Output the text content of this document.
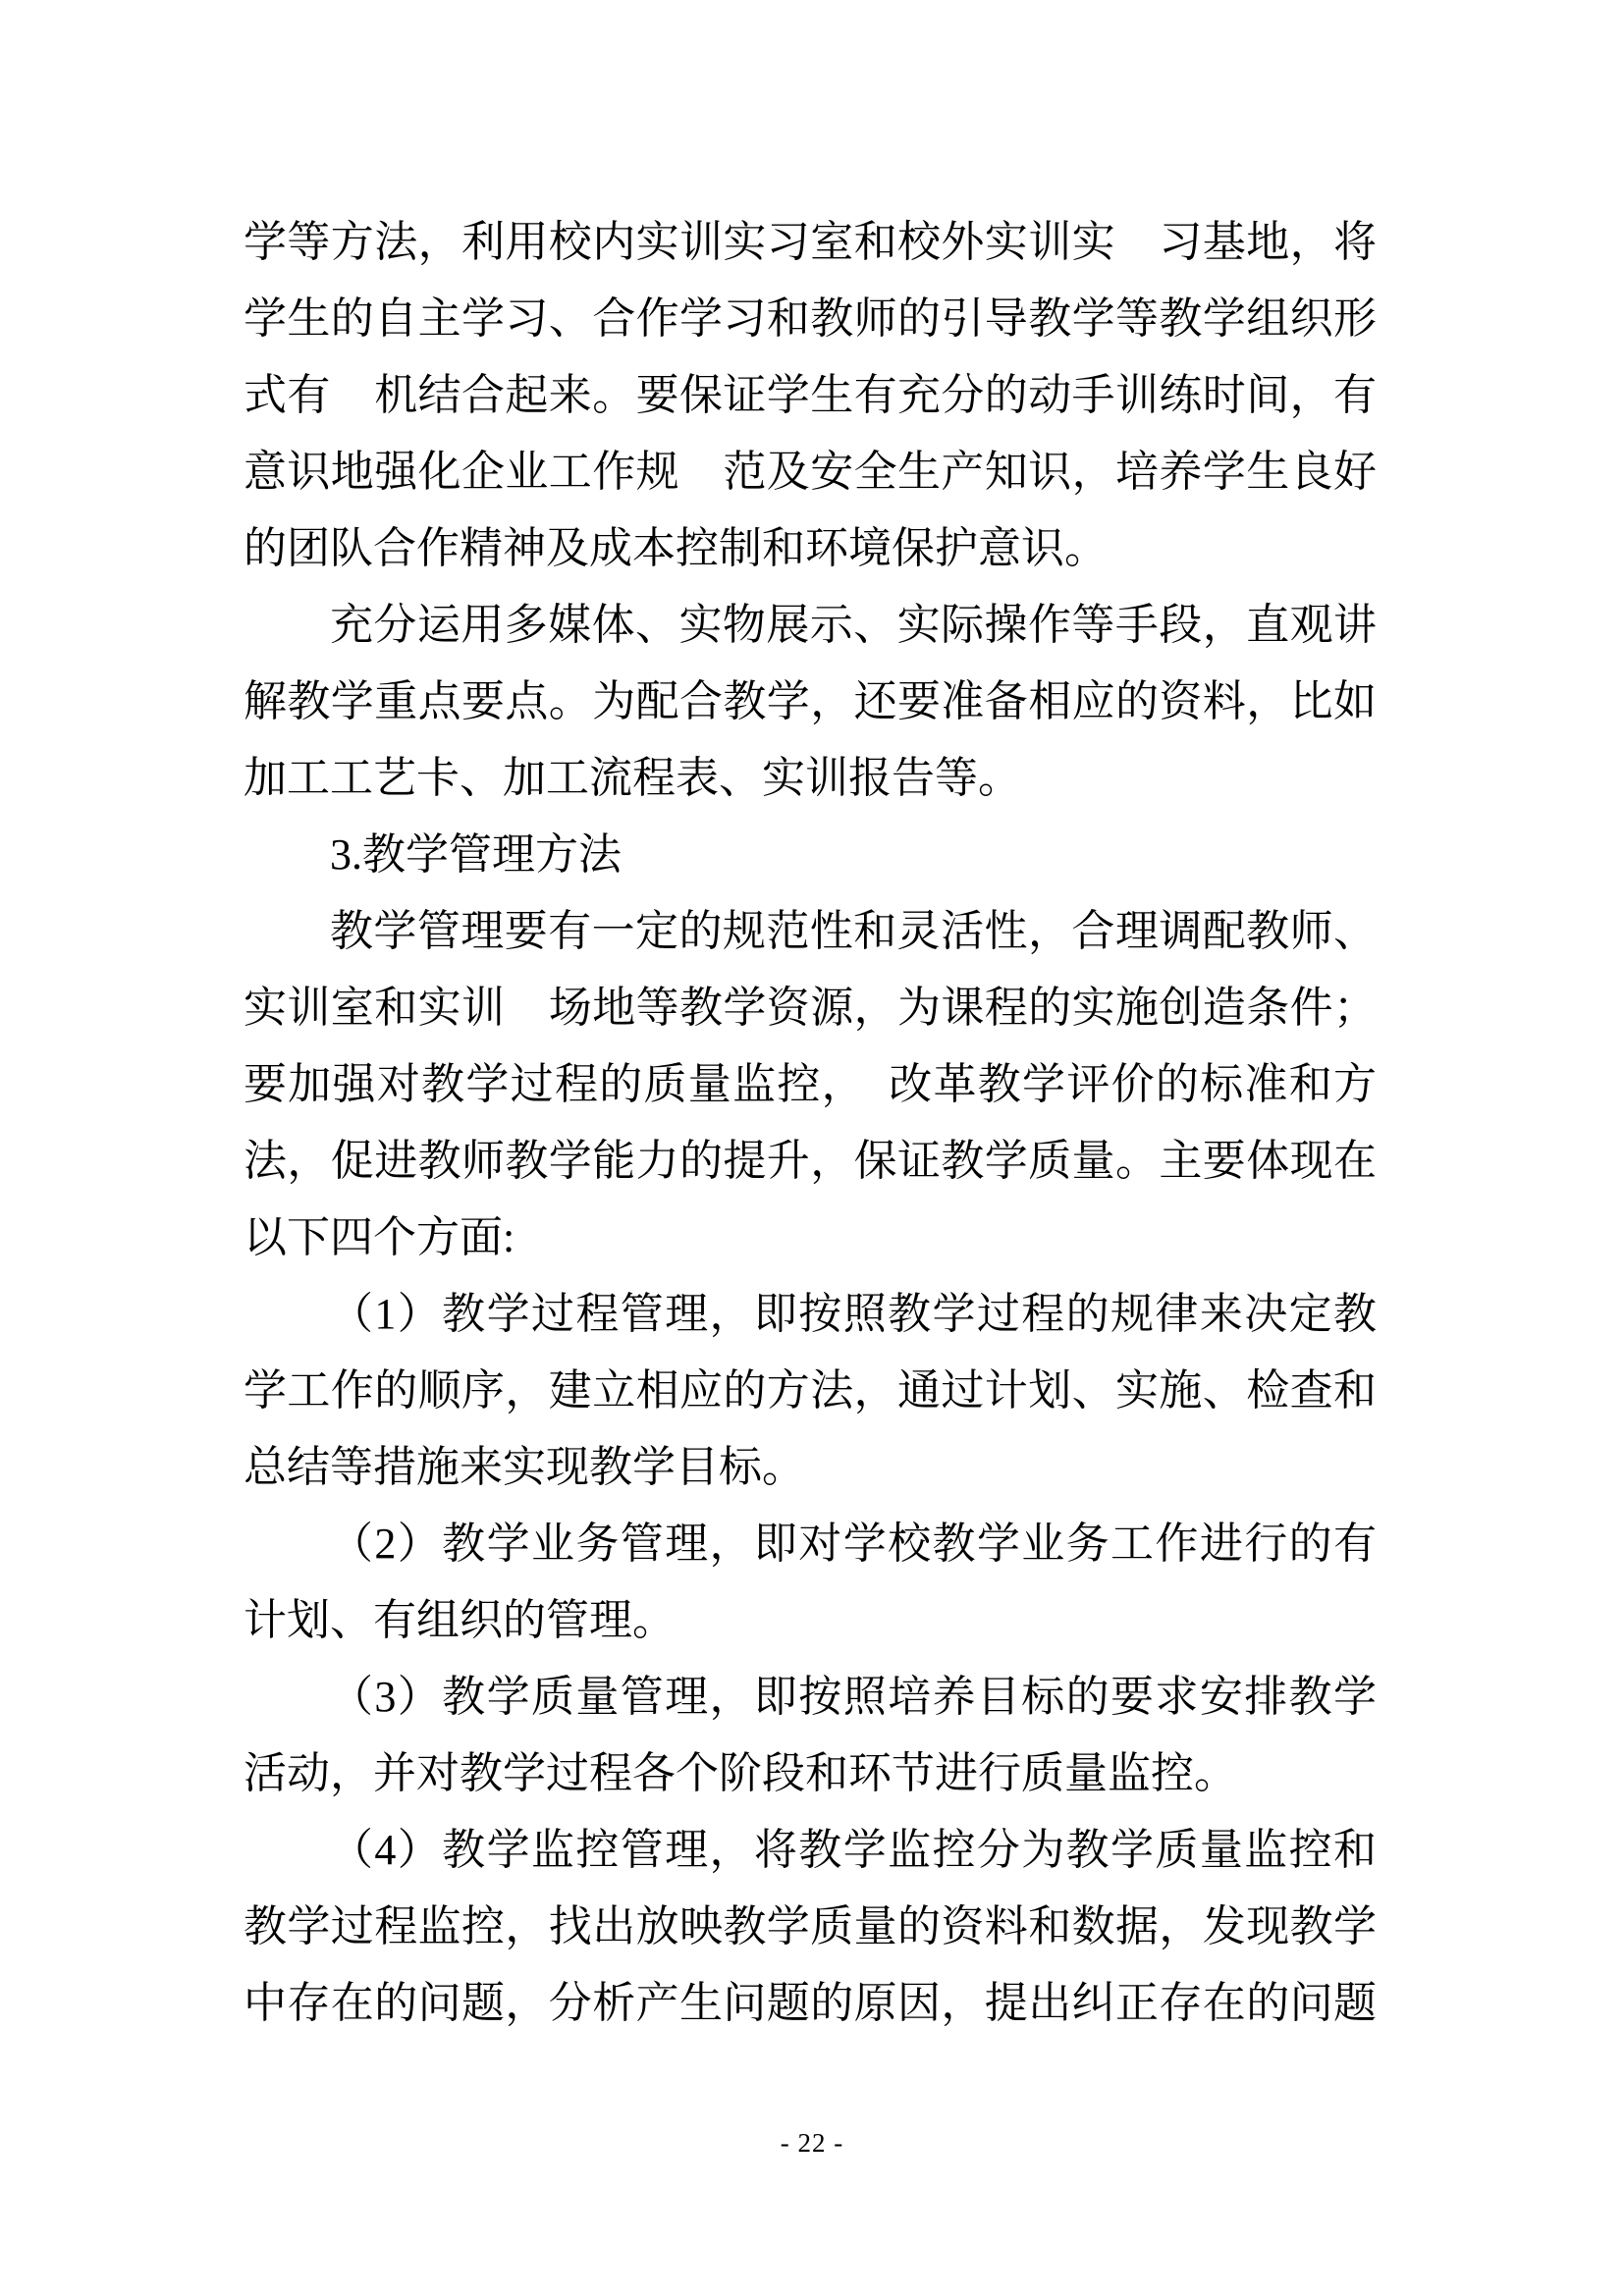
学等方法，利用校内实训实习室和校外实训实　习基地，将
学生的自主学习、合作学习和教师的引导教学等教学组织形
式有　机结合起来。要保证学生有充分的动手训练时间，有
意识地强化企业工作规　范及安全生产知识，培养学生良好
的团队合作精神及成本控制和环境保护意识。
充分运用多媒体、实物展示、实际操作等手段，直观讲
解教学重点要点。为配合教学，还要准备相应的资料，比如
加工工艺卡、加工流程表、实训报告等。
3.教学管理方法
教学管理要有一定的规范性和灵活性，合理调配教师、
实训室和实训　场地等教学资源，为课程的实施创造条件；
要加强对教学过程的质量监控，　改革教学评价的标准和方
法，促进教师教学能力的提升，保证教学质量。主要体现在
以下四个方面:
（1）教学过程管理，即按照教学过程的规律来决定教
学工作的顺序，建立相应的方法，通过计划、实施、检查和
总结等措施来实现教学目标。
（2）教学业务管理，即对学校教学业务工作进行的有
计划、有组织的管理。
（3）教学质量管理，即按照培养目标的要求安排教学
活动，并对教学过程各个阶段和环节进行质量监控。
（4）教学监控管理，将教学监控分为教学质量监控和
教学过程监控，找出放映教学质量的资料和数据，发现教学
中存在的问题，分析产生问题的原因，提出纠正存在的问题
- 22 -
